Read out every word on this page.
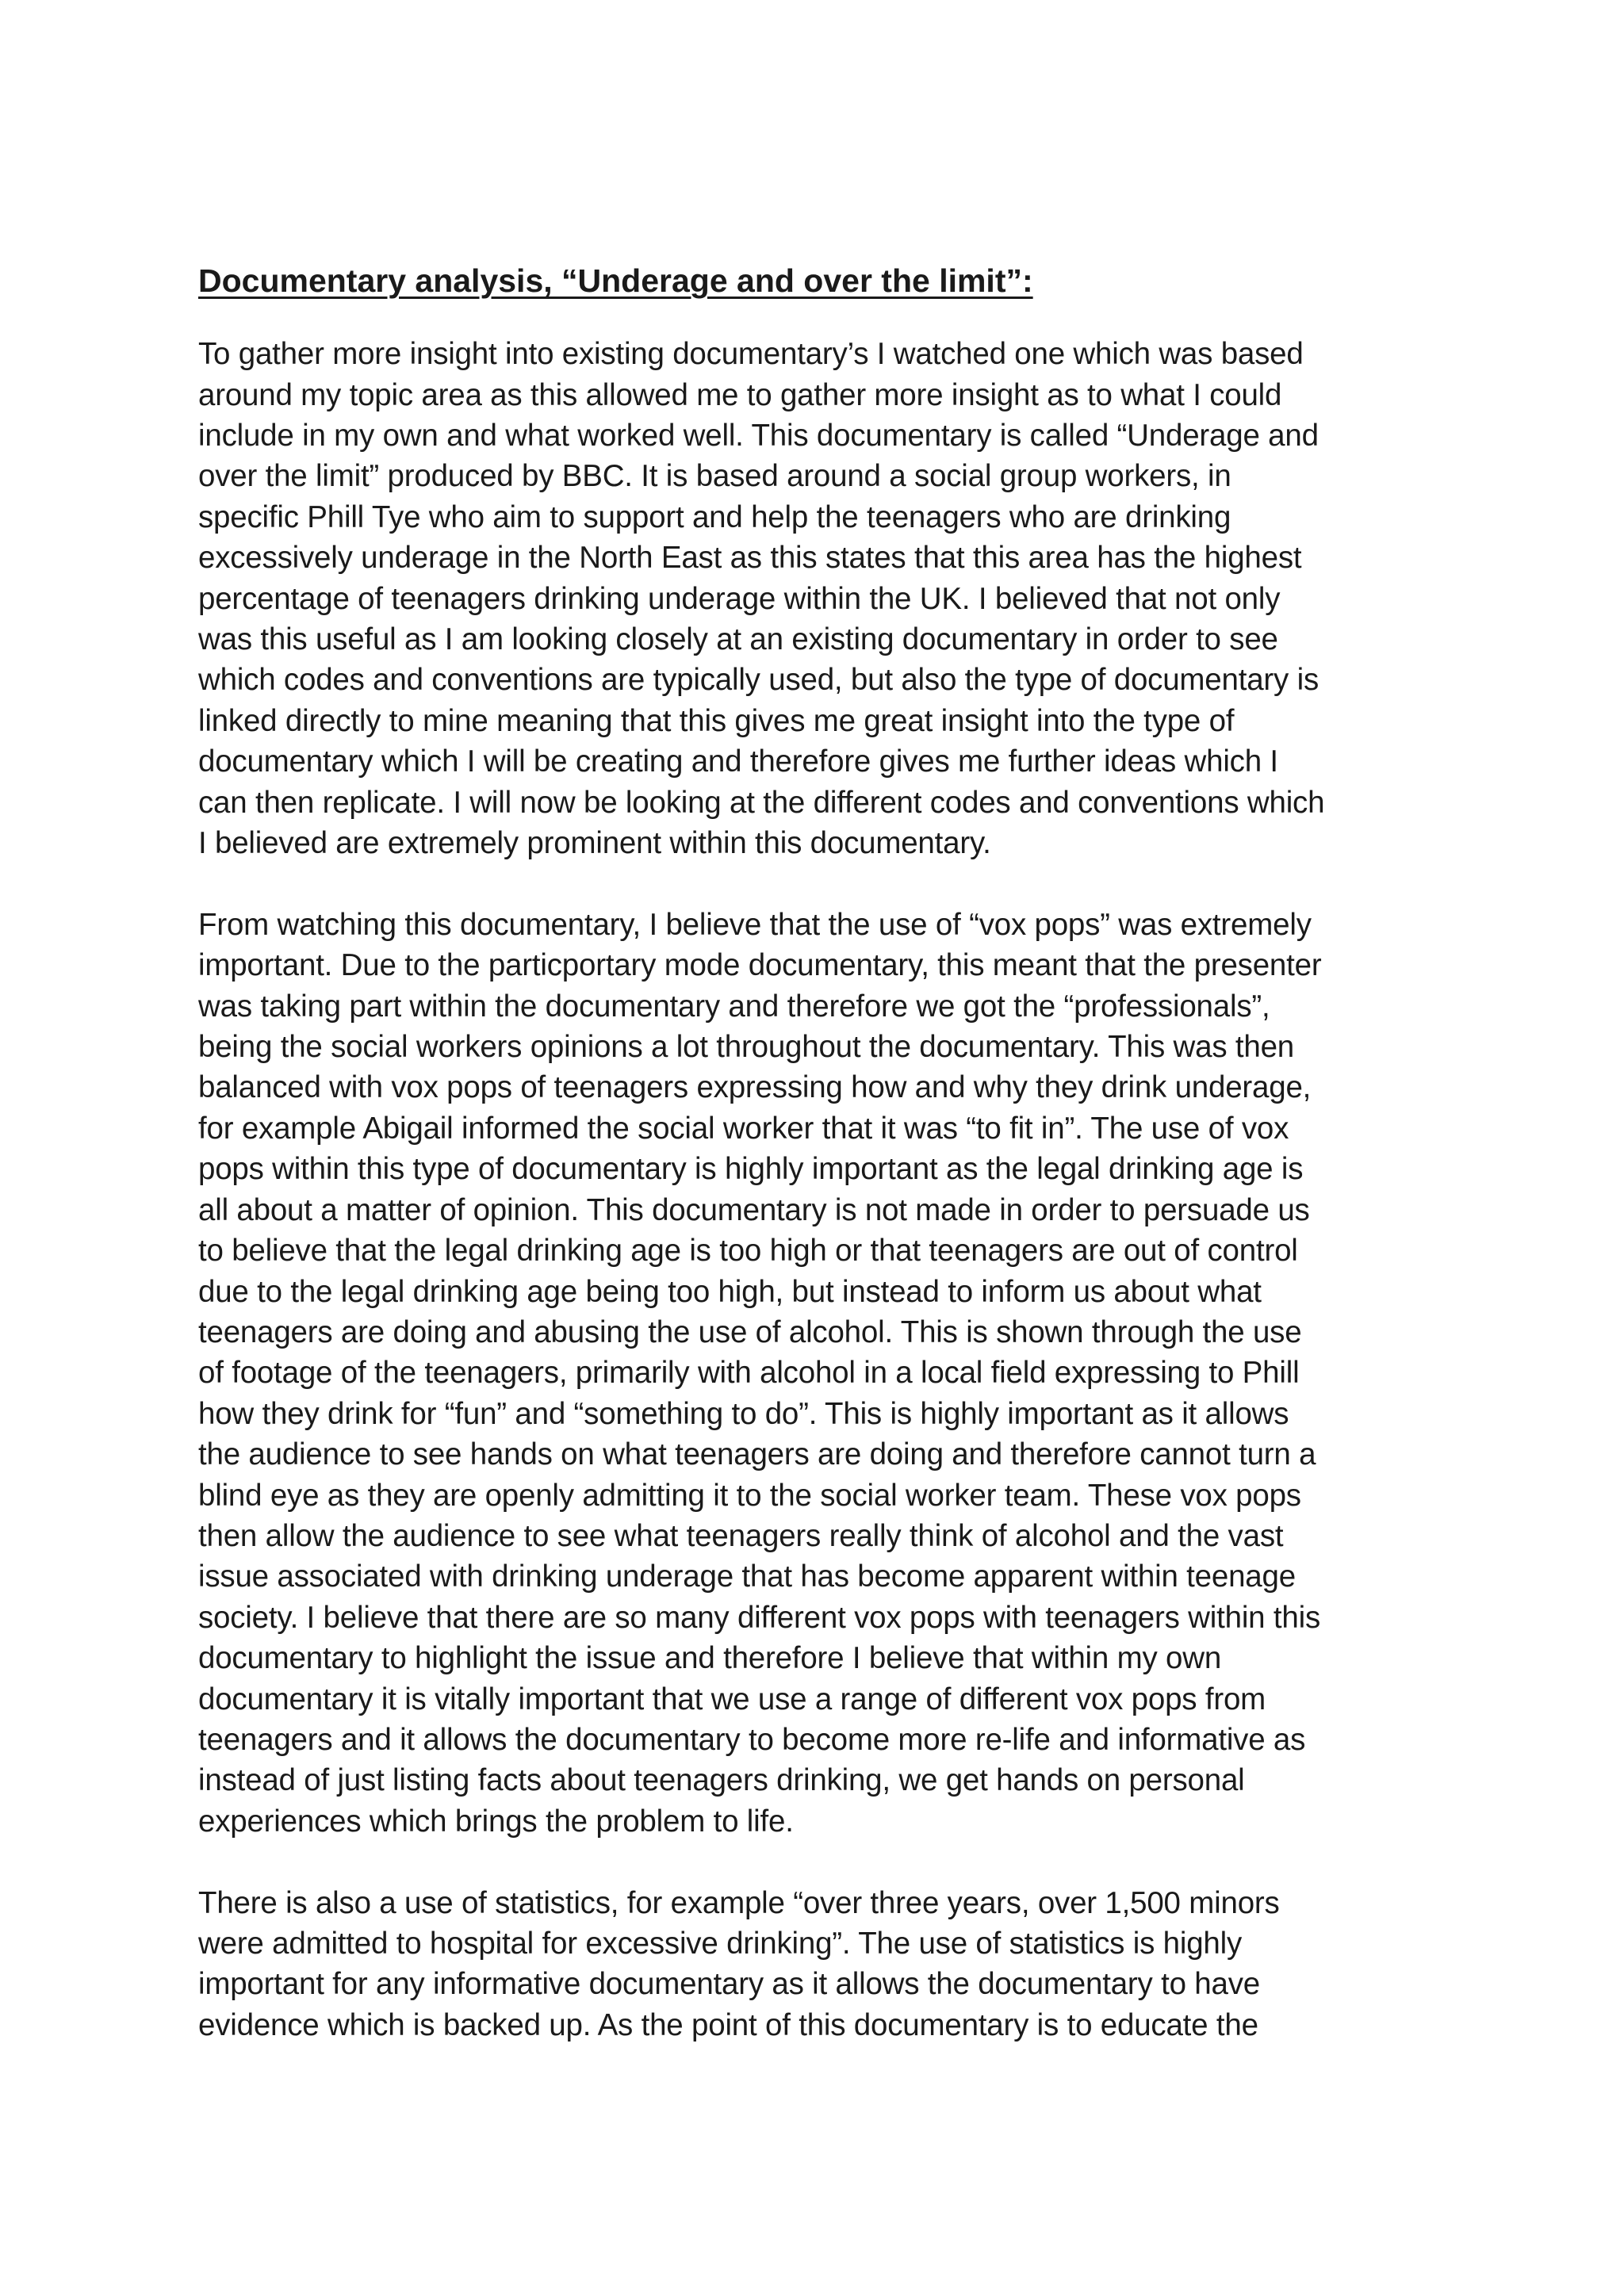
Documentary analysis, “Underage and over the limit”:

To gather more insight into existing documentary’s I watched one which was based
around my topic area as this allowed me to gather more insight as to what I could
include in my own and what worked well. This documentary is called “Underage and
over the limit” produced by BBC. It is based around a social group workers, in
specific Phill Tye who aim to support and help the teenagers who are drinking
excessively underage in the North East as this states that this area has the highest
percentage of teenagers drinking underage within the UK. I believed that not only
was this useful as I am looking closely at an existing documentary in order to see
which codes and conventions are typically used, but also the type of documentary is
linked directly to mine meaning that this gives me great insight into the type of
documentary which I will be creating and therefore gives me further ideas which I
can then replicate. I will now be looking at the different codes and conventions which
I believed are extremely prominent within this documentary.

From watching this documentary, I believe that the use of “vox pops” was extremely
important. Due to the particportary mode documentary, this meant that the presenter
was taking part within the documentary and therefore we got the “professionals”,
being the social workers opinions a lot throughout the documentary. This was then
balanced with vox pops of teenagers expressing how and why they drink underage,
for example Abigail informed the social worker that it was “to fit in”. The use of vox
pops within this type of documentary is highly important as the legal drinking age is
all about a matter of opinion. This documentary is not made in order to persuade us
to believe that the legal drinking age is too high or that teenagers are out of control
due to the legal drinking age being too high, but instead to inform us about what
teenagers are doing and abusing the use of alcohol. This is shown through the use
of footage of the teenagers, primarily with alcohol in a local field expressing to Phill
how they drink for “fun” and “something to do”. This is highly important as it allows
the audience to see hands on what teenagers are doing and therefore cannot turn a
blind eye as they are openly admitting it to the social worker team. These vox pops
then allow the audience to see what teenagers really think of alcohol and the vast
issue associated with drinking underage that has become apparent within teenage
society. I believe that there are so many different vox pops with teenagers within this
documentary to highlight the issue and therefore I believe that within my own
documentary it is vitally important that we use a range of different vox pops from
teenagers and it allows the documentary to become more re-life and informative as
instead of just listing facts about teenagers drinking, we get hands on personal
experiences which brings the problem to life.

There is also a use of statistics, for example “over three years, over 1,500 minors
were admitted to hospital for excessive drinking”. The use of statistics is highly
important for any informative documentary as it allows the documentary to have
evidence which is backed up. As the point of this documentary is to educate the
